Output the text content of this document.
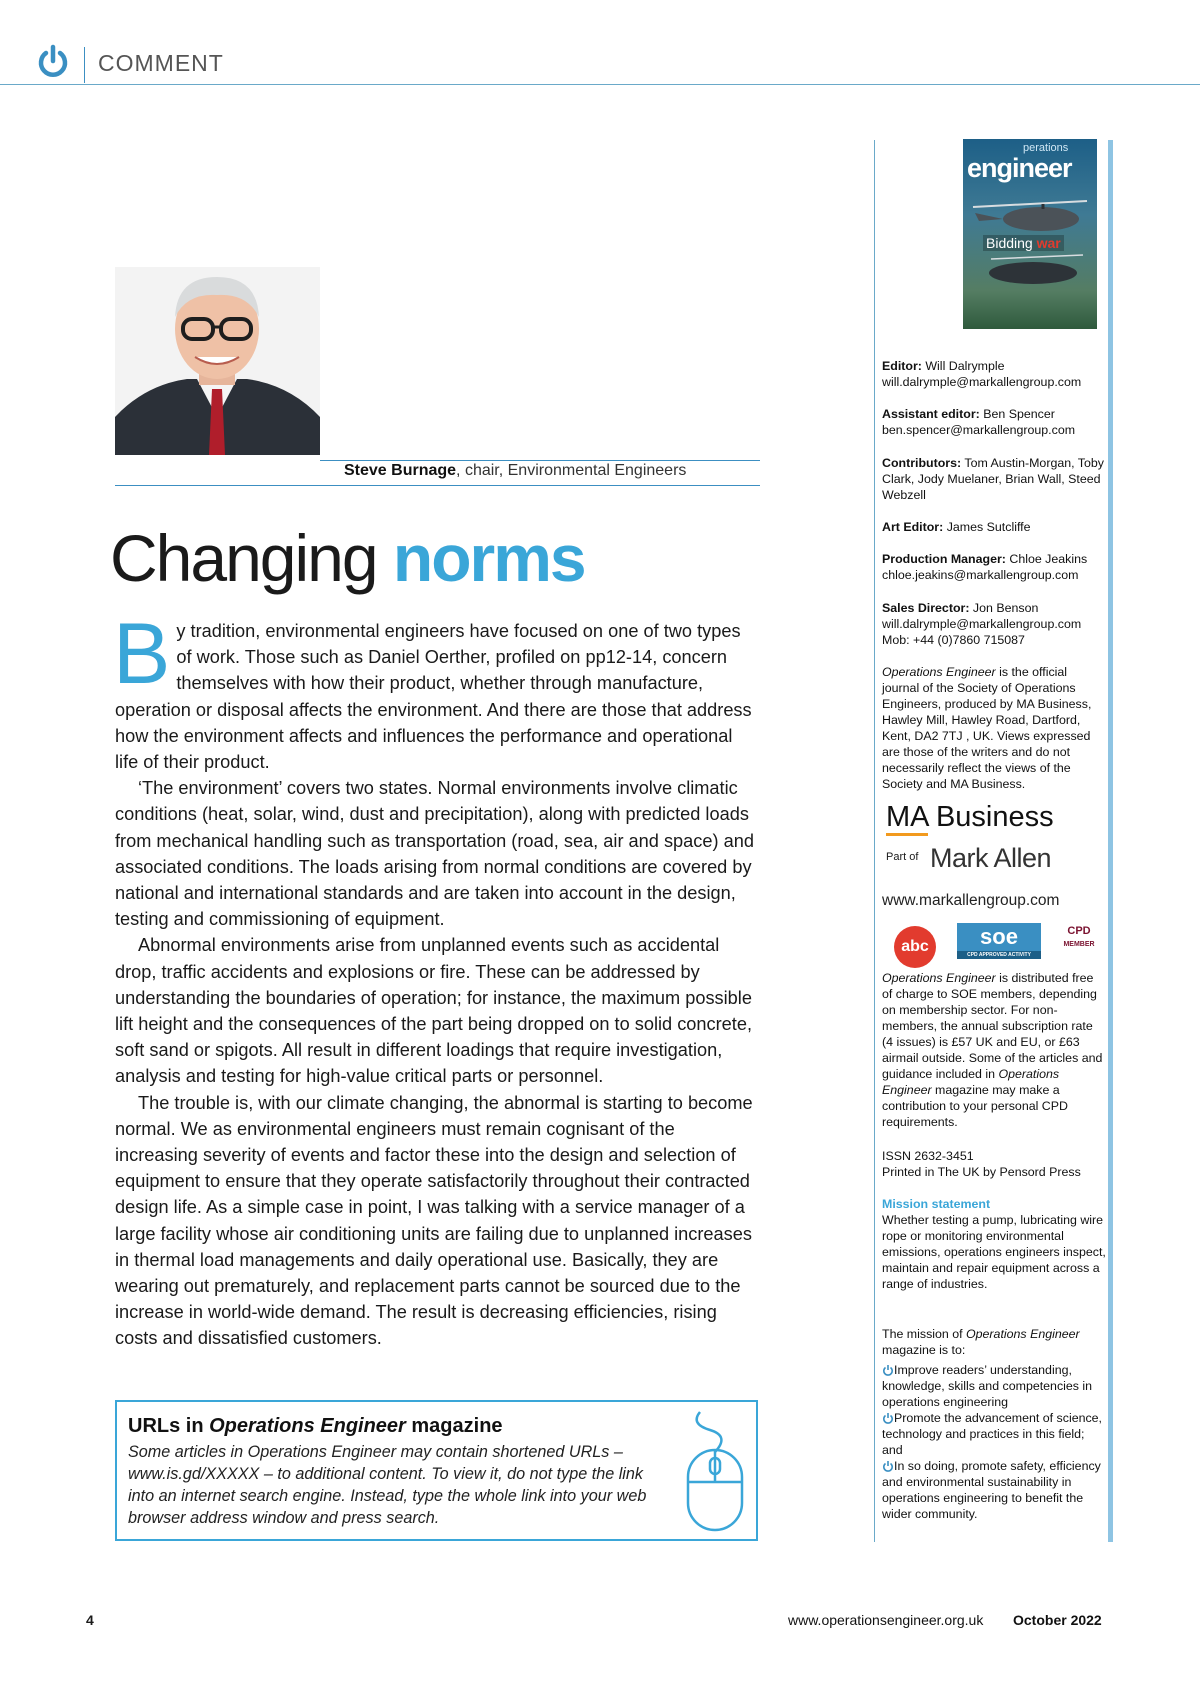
COMMENT
Steve Burnage, chair, Environmental Engineers
Changing norms

By tradition, environmental engineers have focused on one of two types of work. Those such as Daniel Oerther, profiled on pp12-14, concern themselves with how their product, whether through manufacture, operation or disposal affects the environment. And there are those that address how the environment affects and influences the performance and operational life of their product.

‘The environment’ covers two states. Normal environments involve climatic conditions (heat, solar, wind, dust and precipitation), along with predicted loads from mechanical handling such as transportation (road, sea, air and space) and associated conditions. The loads arising from normal conditions are covered by national and international standards and are taken into account in the design, testing and commissioning of equipment.

Abnormal environments arise from unplanned events such as accidental drop, traffic accidents and explosions or fire. These can be addressed by understanding the boundaries of operation; for instance, the maximum possible lift height and the consequences of the part being dropped on to solid concrete, soft sand or spigots. All result in different loadings that require investigation, analysis and testing for high-value critical parts or personnel.

The trouble is, with our climate changing, the abnormal is starting to become normal. We as environmental engineers must remain cognisant of the increasing severity of events and factor these into the design and selection of equipment to ensure that they operate satisfactorily throughout their contracted design life. As a simple case in point, I was talking with a service manager of a large facility whose air conditioning units are failing due to unplanned increases in thermal load managements and daily operational use. Basically, they are wearing out prematurely, and replacement parts cannot be sourced due to the increase in world-wide demand. The result is decreasing efficiencies, rising costs and dissatisfied customers.

URLs in Operations Engineer magazine
Some articles in Operations Engineer may contain shortened URLs – www.is.gd/XXXXX – to additional content. To view it, do not type the link into an internet search engine. Instead, type the whole link into your web browser address window and press search.
perations
engineer
Bidding war
Editor: Will Dalrymple
will.dalrymple@markallengroup.com
Assistant editor: Ben Spencer
ben.spencer@markallengroup.com
Contributors: Tom Austin-Morgan, Toby Clark, Jody Muelaner, Brian Wall, Steed Webzell
Art Editor: James Sutcliffe
Production Manager: Chloe Jeakins
chloe.jeakins@markallengroup.com
Sales Director: Jon Benson
will.dalrymple@markallengroup.com
Mob: +44 (0)7860 715087
Operations Engineer is the official journal of the Society of Operations Engineers, produced by MA Business, Hawley Mill, Hawley Road, Dartford, Kent, DA2 7TJ , UK. Views expressed are those of the writers and do not necessarily reflect the views of the Society and MA Business.
MA Business
Part of Mark Allen
www.markallengroup.com
abc	soe
CPD APPROVED ACTIVITY
CPD
MEMBER
Operations Engineer is distributed free of charge to SOE members, depending on membership sector. For non-members, the annual subscription rate (4 issues) is £57 UK and EU, or £63 airmail outside. Some of the articles and guidance included in Operations Engineer magazine may make a contribution to your personal CPD requirements.
ISSN 2632-3451
Printed in The UK by Pensord Press
Mission statement
Whether testing a pump, lubricating wire rope or monitoring environmental emissions, operations engineers inspect, maintain and repair equipment across a range of industries.
The mission of Operations Engineer magazine is to:
Improve readers’ understanding, knowledge, skills and competencies in operations engineering
Promote the advancement of science, technology and practices in this field; and
In so doing, promote safety, efficiency and environmental sustainability in operations engineering to benefit the wider community.
4	www.operationsengineer.org.uk October 2022
